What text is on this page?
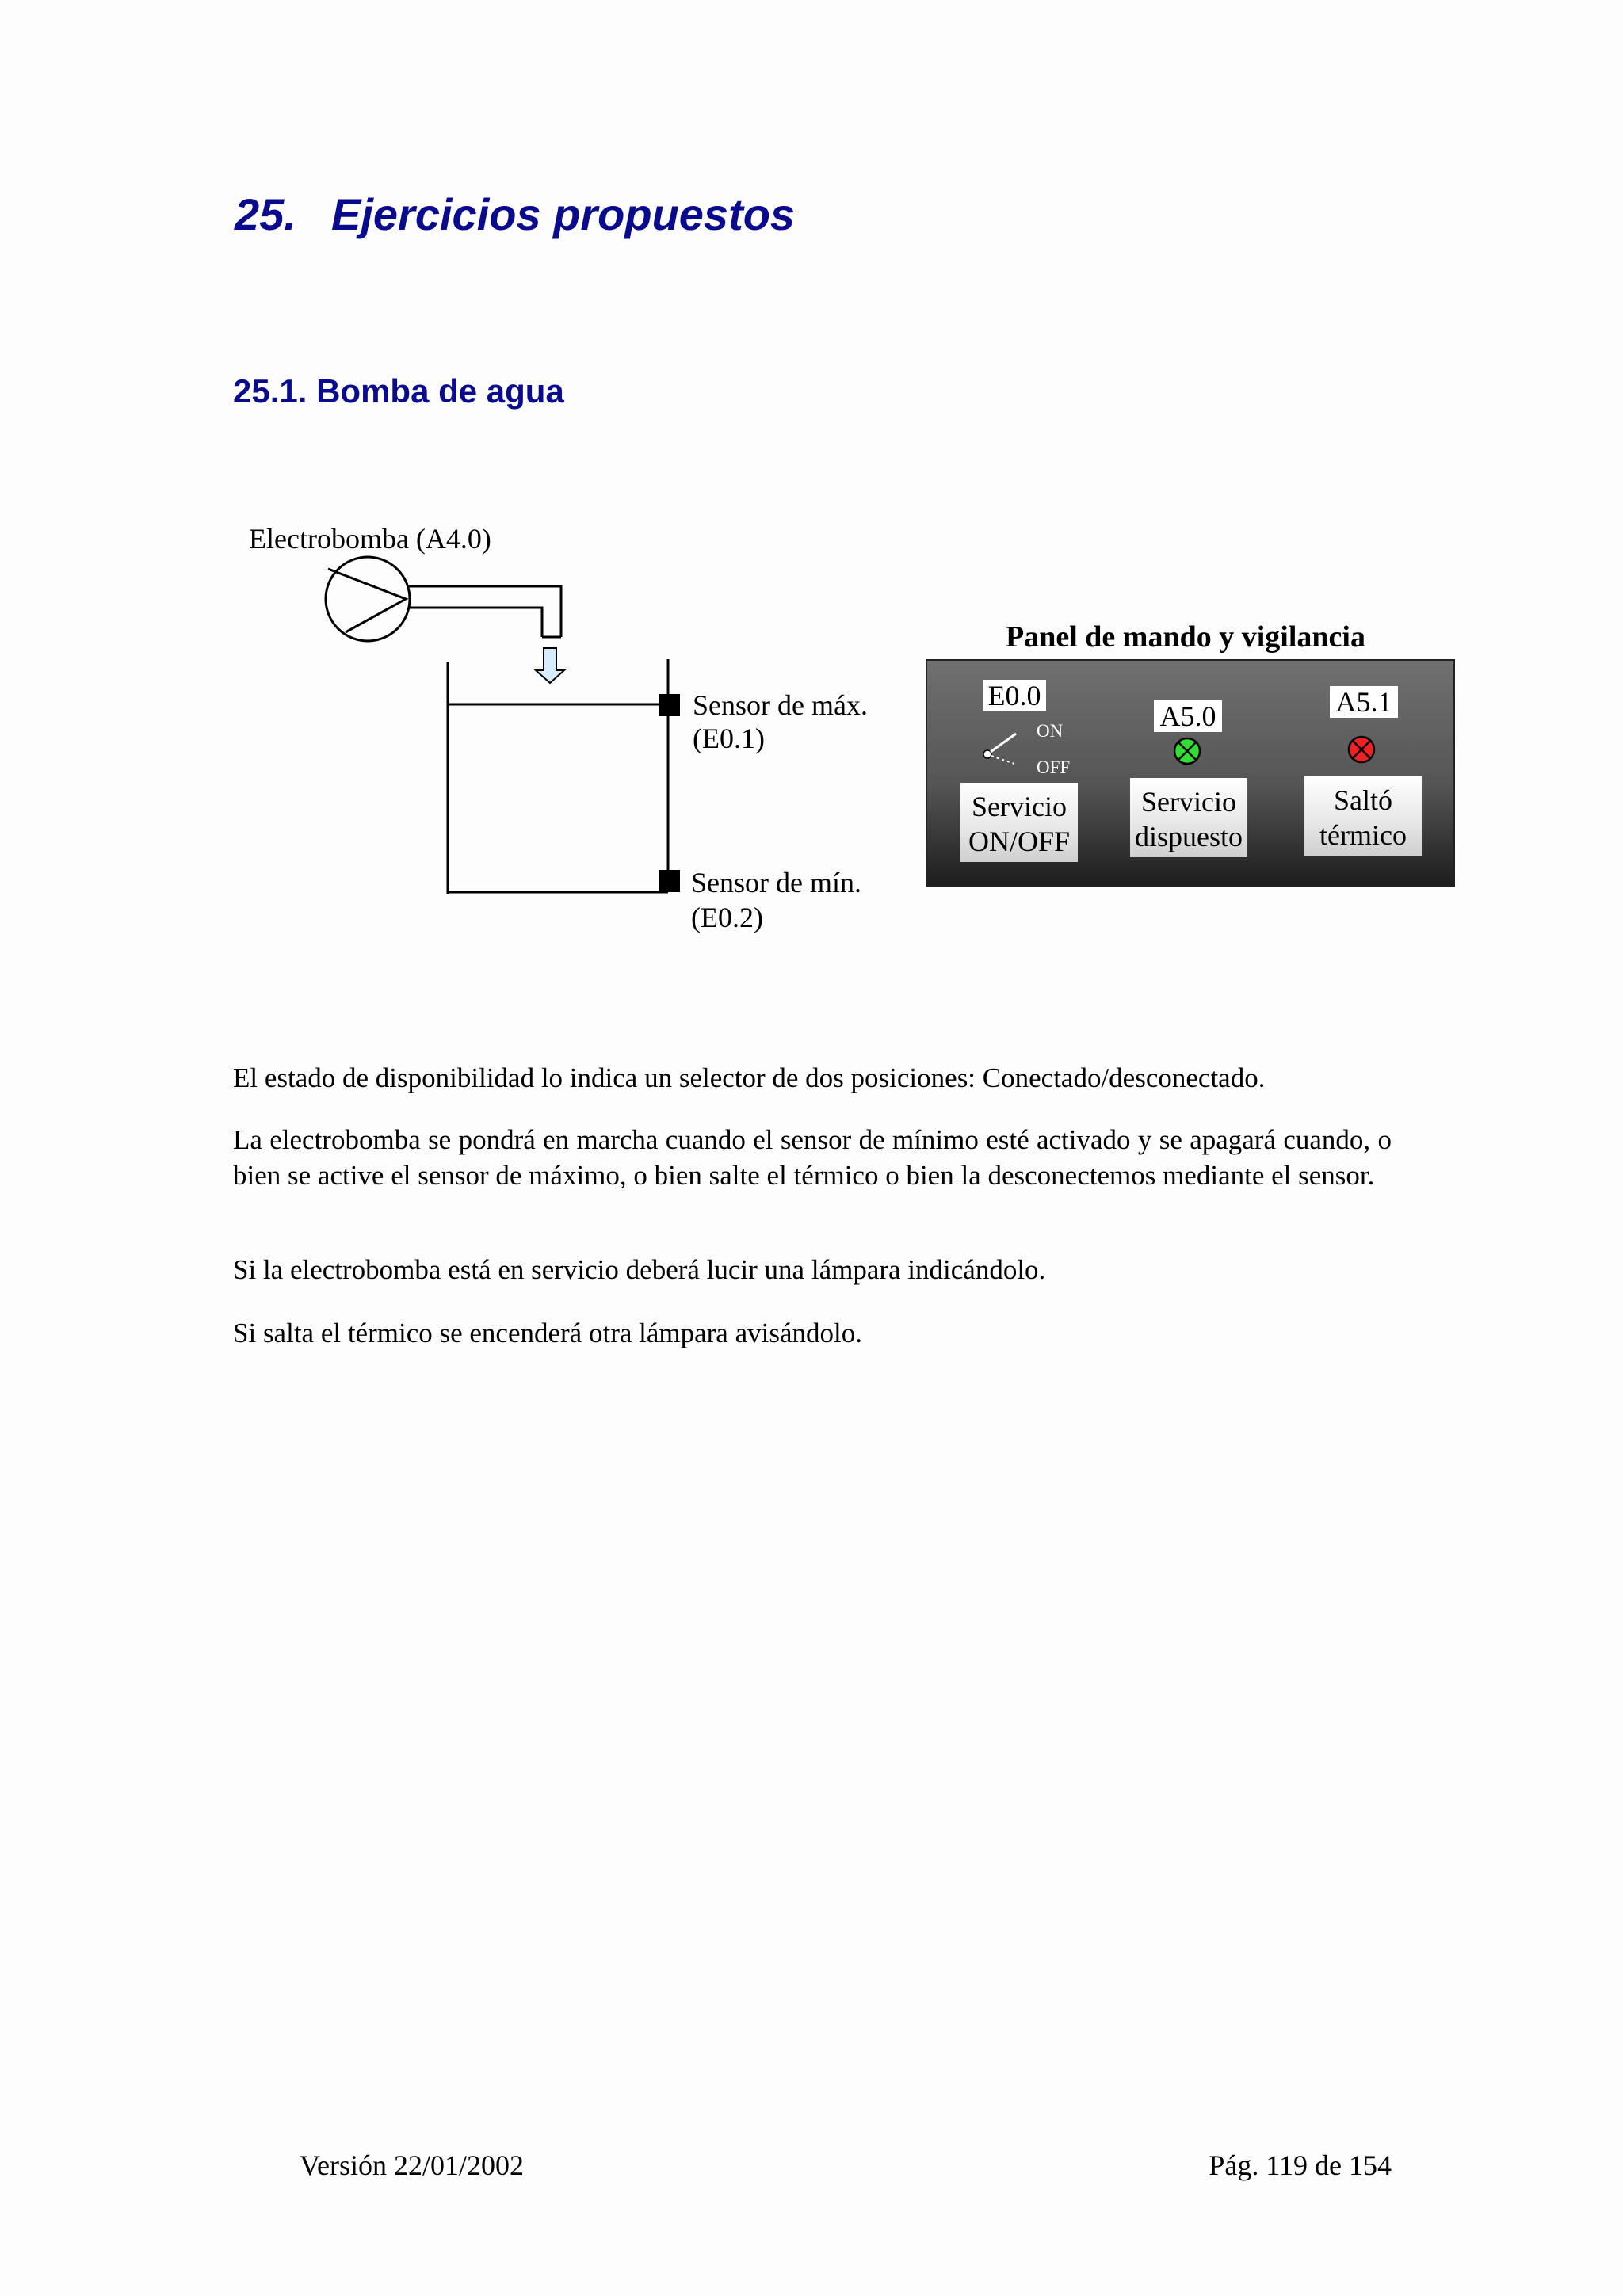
25. Ejercicios propuestos
25.1. Bomba de agua
Panel de mando y vigilancia
Electrobomba (A4.0)
Sensor de máx.
(E0.1)
Sensor de mín.
(E0.2)
E0.0
ON
OFF
Servicio
ON/OFF
A5.0
Servicio
dispuesto
A5.1
Saltó
térmico

El estado de disponibilidad lo indica un selector de dos posiciones: Conectado/desconectado.

La electrobomba se pondrá en marcha cuando el sensor de mínimo esté activado y se apagará cuando, o bien se active el sensor de máximo, o bien salte el térmico o bien la desconectemos mediante el sensor.

Si la electrobomba está en servicio deberá lucir una lámpara indicándolo.

Si salta el térmico se encenderá otra lámpara avisándolo.

Versión 22/01/2002	Pág. 119 de 154
